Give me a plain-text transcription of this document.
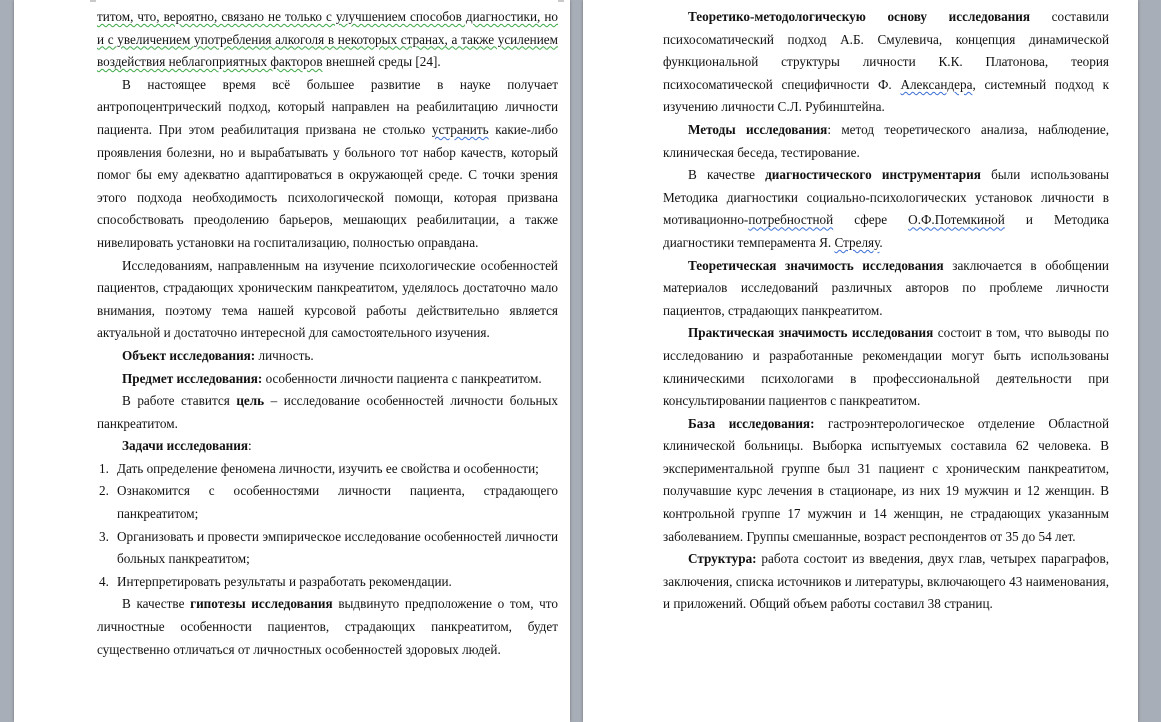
титом, что, вероятно, связано не только с улучшением способов диагностики, но и с увеличением употребления алкоголя в некоторых странах, а также усилением воздействия неблагоприятных факторов внешней среды [24].

В настоящее время всё большее развитие в науке получает антропоцентрический подход, который направлен на реабилитацию личности пациента. При этом реабилитация призвана не столько устранить какие-либо проявления болезни, но и вырабатывать у больного тот набор качеств, который помог бы ему адекватно адаптироваться в окружающей среде. С точки зрения этого подхода необходимость психологической помощи, которая призвана способствовать преодолению барьеров, мешающих реабилитации, а также нивелировать установки на госпитализацию, полностью оправдана.

Исследованиям, направленным на изучение психологические особенностей пациентов, страдающих хроническим панкреатитом, уделялось достаточно мало внимания, поэтому тема нашей курсовой работы действительно является актуальной и достаточно интересной для самостоятельного изучения.

Объект исследования: личность.

Предмет исследования: особенности личности пациента с панкреатитом.

В работе ставится цель – исследование особенностей личности больных панкреатитом.

Задачи исследования:

1. Дать определение феномена личности, изучить ее свойства и особенности;
2. Ознакомится с особенностями личности пациента, страдающего панкреатитом;
3. Организовать и провести эмпирическое исследование особенностей личности больных панкреатитом;
4. Интерпретировать результаты и разработать рекомендации.

В качестве гипотезы исследования выдвинуто предположение о том, что личностные особенности пациентов, страдающих панкреатитом, будет существенно отличаться от личностных особенностей здоровых людей.

Теоретико-методологическую основу исследования составили психосоматический подход А.Б. Смулевича, концепция динамической функциональной структуры личности К.К. Платонова, теория психосоматической специфичности Ф. Александера, системный подход к изучению личности С.Л. Рубинштейна.

Методы исследования: метод теоретического анализа, наблюдение, клиническая беседа, тестирование.

В качестве диагностического инструментария были использованы Методика диагностики социально-психологических установок личности в мотивационно-потребностной сфере О.Ф.Потемкиной и Методика диагностики темперамента Я. Стреляу.

Теоретическая значимость исследования заключается в обобщении материалов исследований различных авторов по проблеме личности пациентов, страдающих панкреатитом.

Практическая значимость исследования состоит в том, что выводы по исследованию и разработанные рекомендации могут быть использованы клиническими психологами в профессиональной деятельности при консультировании пациентов с панкреатитом.

База исследования: гастроэнтерологическое отделение Областной клинической больницы. Выборка испытуемых составила 62 человека. В экспериментальной группе был 31 пациент с хроническим панкреатитом, получавшие курс лечения в стационаре, из них 19 мужчин и 12 женщин. В контрольной группе 17 мужчин и 14 женщин, не страдающих указанным заболеванием. Группы смешанные, возраст респондентов от 35 до 54 лет.

Структура: работа состоит из введения, двух глав, четырех параграфов, заключения, списка источников и литературы, включающего 43 наименования, и приложений. Общий объем работы составил 38 страниц.
